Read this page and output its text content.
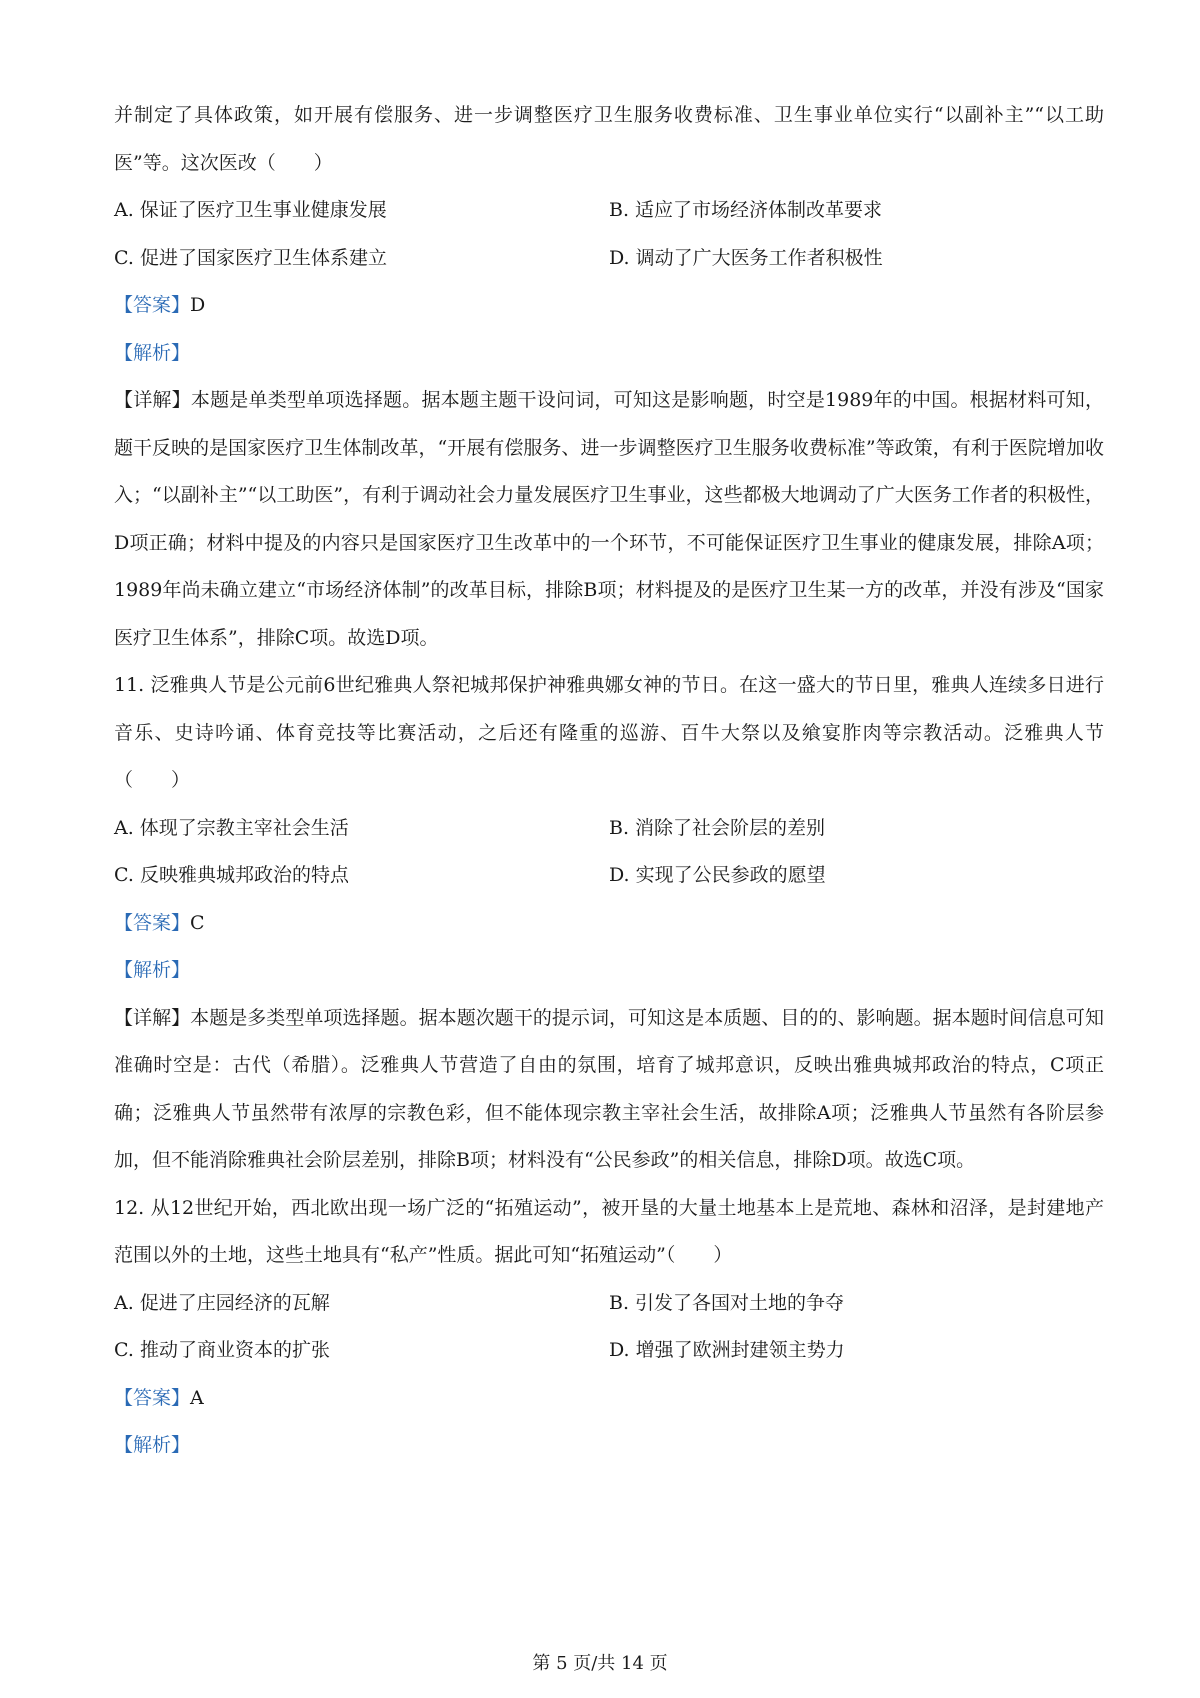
并制定了具体政策，如开展有偿服务、进一步调整医疗卫生服务收费标准、卫生事业单位实行“以副补主”“以工助医”等。这次医改（　　）

A. 保证了医疗卫生事业健康发展	B. 适应了市场经济体制改革要求
C. 促进了国家医疗卫生体系建立	D. 调动了广大医务工作者积极性

【答案】D

【解析】

【详解】本题是单类型单项选择题。据本题主题干设问词，可知这是影响题，时空是1989年的中国。根据材料可知，题干反映的是国家医疗卫生体制改革，“开展有偿服务、进一步调整医疗卫生服务收费标准”等政策，有利于医院增加收入；“以副补主”“以工助医”，有利于调动社会力量发展医疗卫生事业，这些都极大地调动了广大医务工作者的积极性，D项正确；材料中提及的内容只是国家医疗卫生改革中的一个环节，不可能保证医疗卫生事业的健康发展，排除A项；1989年尚未确立建立“市场经济体制”的改革目标，排除B项；材料提及的是医疗卫生某一方的改革，并没有涉及“国家医疗卫生体系”，排除C项。故选D项。

11. 泛雅典人节是公元前6世纪雅典人祭祀城邦保护神雅典娜女神的节日。在这一盛大的节日里，雅典人连续多日进行音乐、史诗吟诵、体育竞技等比赛活动，之后还有隆重的巡游、百牛大祭以及飨宴胙肉等宗教活动。泛雅典人节（　　）

A. 体现了宗教主宰社会生活	B. 消除了社会阶层的差别
C. 反映雅典城邦政治的特点	D. 实现了公民参政的愿望

【答案】C

【解析】

【详解】本题是多类型单项选择题。据本题次题干的提示词，可知这是本质题、目的的、影响题。据本题时间信息可知准确时空是：古代（希腊）。泛雅典人节营造了自由的氛围，培育了城邦意识，反映出雅典城邦政治的特点，C项正确；泛雅典人节虽然带有浓厚的宗教色彩，但不能体现宗教主宰社会生活，故排除A项；泛雅典人节虽然有各阶层参加，但不能消除雅典社会阶层差别，排除B项；材料没有“公民参政”的相关信息，排除D项。故选C项。

12. 从12世纪开始，西北欧出现一场广泛的“拓殖运动”，被开垦的大量土地基本上是荒地、森林和沼泽，是封建地产范围以外的土地，这些土地具有“私产”性质。据此可知“拓殖运动”（　　）

A. 促进了庄园经济的瓦解	B. 引发了各国对土地的争夺
C. 推动了商业资本的扩张	D. 增强了欧洲封建领主势力

【答案】A

【解析】

第 5 页/共 14 页
